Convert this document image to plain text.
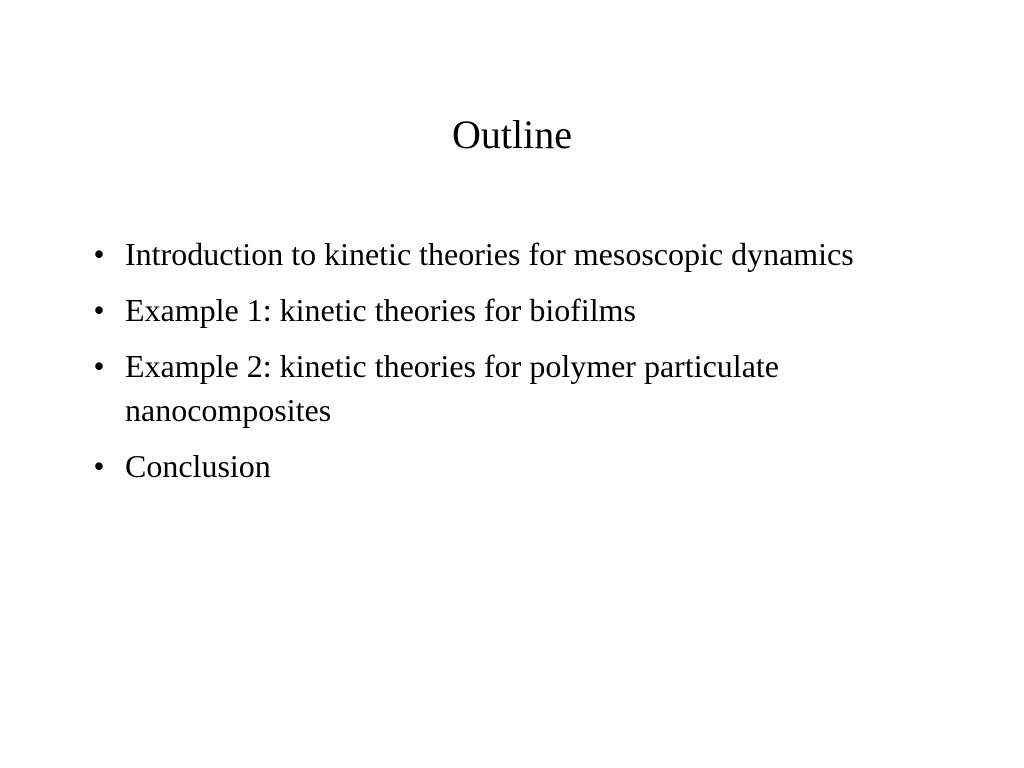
Outline
• Introduction to kinetic theories for mesoscopic dynamics
• Example 1: kinetic theories for biofilms
• Example 2: kinetic theories for polymer particulate nanocomposites
• Conclusion
